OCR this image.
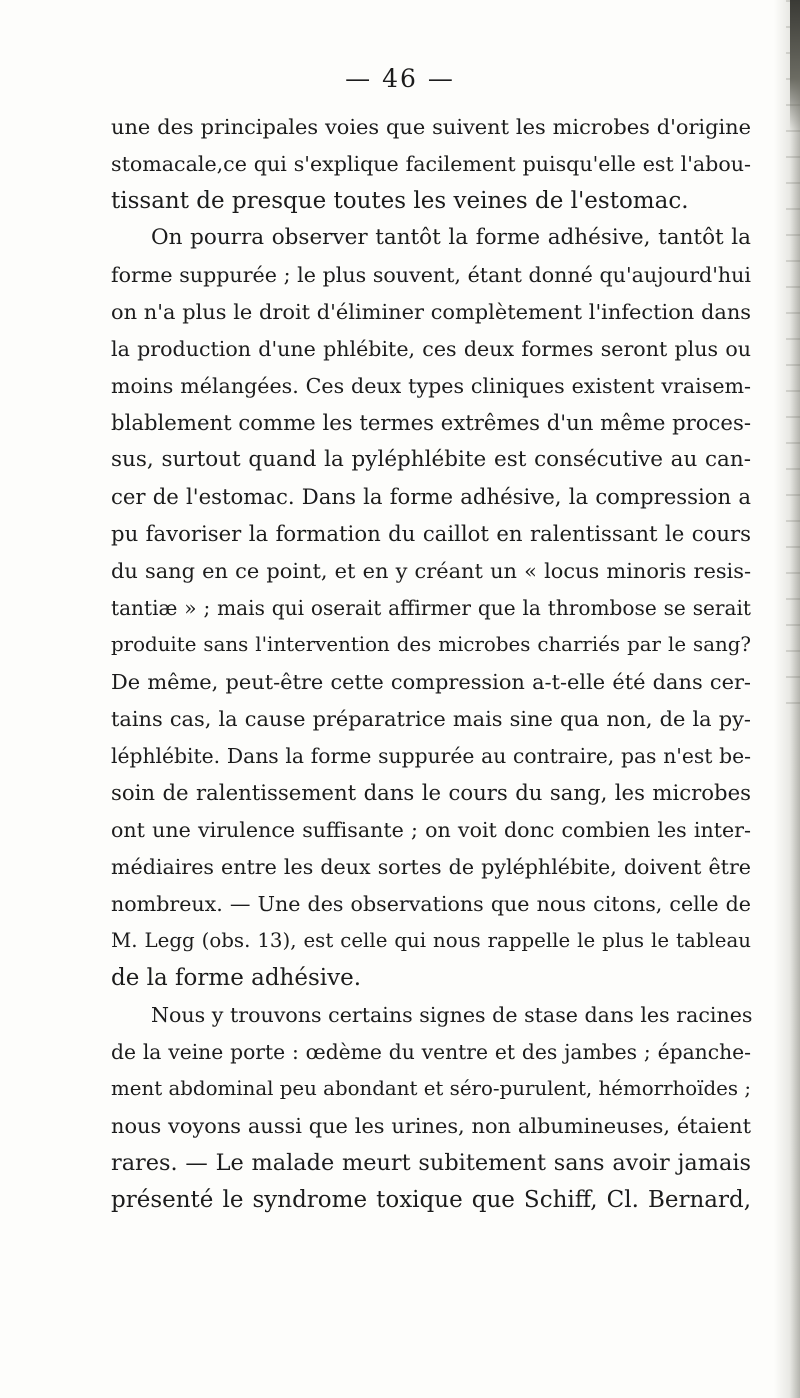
— 46 —
une des principales voies que suivent les microbes d'origine
stomacale,ce qui s'explique facilement puisqu'elle est l'abou-
tissant de presque toutes les veines de l'estomac.
On pourra observer tantôt la forme adhésive, tantôt la
forme suppurée ; le plus souvent, étant donné qu'aujourd'hui
on n'a plus le droit d'éliminer complètement l'infection dans
la production d'une phlébite, ces deux formes seront plus ou
moins mélangées. Ces deux types cliniques existent vraisem-
blablement comme les termes extrêmes d'un même proces-
sus, surtout quand la pyléphlébite est consécutive au can-
cer de l'estomac. Dans la forme adhésive, la compression a
pu favoriser la formation du caillot en ralentissant le cours
du sang en ce point, et en y créant un « locus minoris resis-
tantiæ » ; mais qui oserait affirmer que la thrombose se serait
produite sans l'intervention des microbes charriés par le sang?
De même, peut-être cette compression a-t-elle été dans cer-
tains cas, la cause préparatrice mais sine qua non, de la py-
léphlébite. Dans la forme suppurée au contraire, pas n'est be-
soin de ralentissement dans le cours du sang, les microbes
ont une virulence suffisante ; on voit donc combien les inter-
médiaires entre les deux sortes de pyléphlébite, doivent être
nombreux. — Une des observations que nous citons, celle de
M. Legg (obs. 13), est celle qui nous rappelle le plus le tableau
de la forme adhésive.
Nous y trouvons certains signes de stase dans les racines
de la veine porte : œdème du ventre et des jambes ; épanche-
ment abdominal peu abondant et séro-purulent, hémorrhoïdes ;
nous voyons aussi que les urines, non albumineuses, étaient
rares. — Le malade meurt subitement sans avoir jamais
présenté le syndrome toxique que Schiff, Cl. Bernard,
